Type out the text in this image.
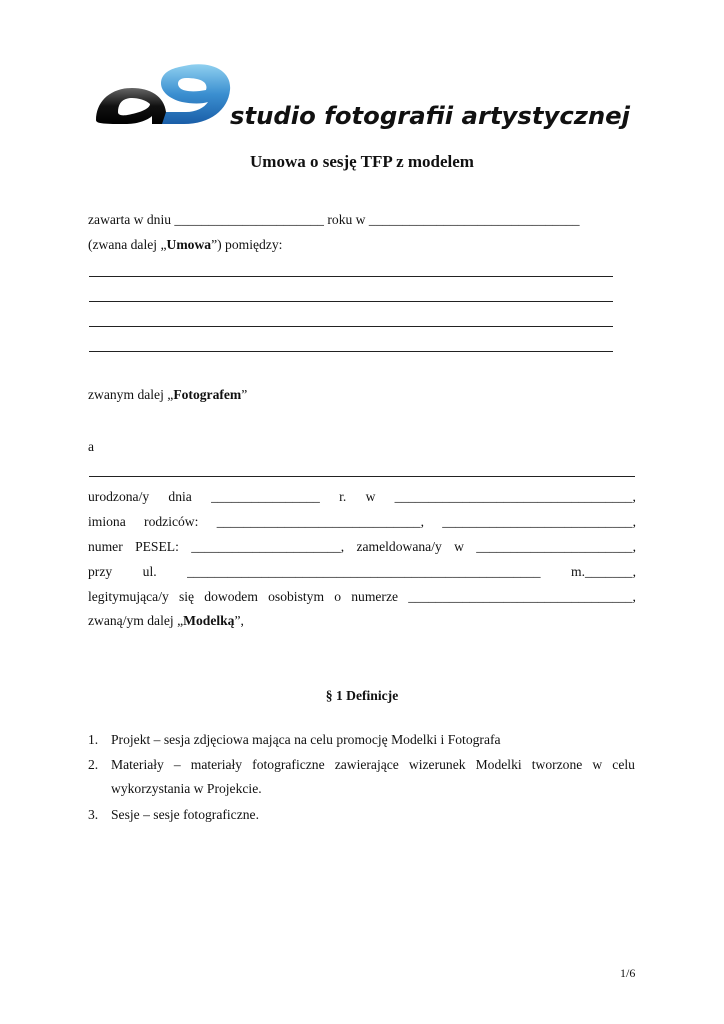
studio fotografii artystycznej
Umowa o sesję TFP z modelem
zawarta w dniu ______________________ roku w _______________________________
(zwana dalej „Umowa”) pomiędzy:
zwanym dalej „Fotografem”
a
urodzona/y dnia ________________ r. w ___________________________________,
imiona rodziców: ______________________________, ____________________________,
numer PESEL: ______________________, zameldowana/y w _______________________,
przy ul. ____________________________________________________ m._______,
legitymująca/y się dowodem osobistym o numerze _________________________________,
zwaną/ym dalej „Modelką”,
§ 1 Definicje
1. Projekt – sesja zdjęciowa mająca na celu promocję Modelki i Fotografa
2. Materiały – materiały fotograficzne zawierające wizerunek Modelki tworzone w celu
wykorzystania w Projekcie.
3. Sesje – sesje fotograficzne.
1/6
